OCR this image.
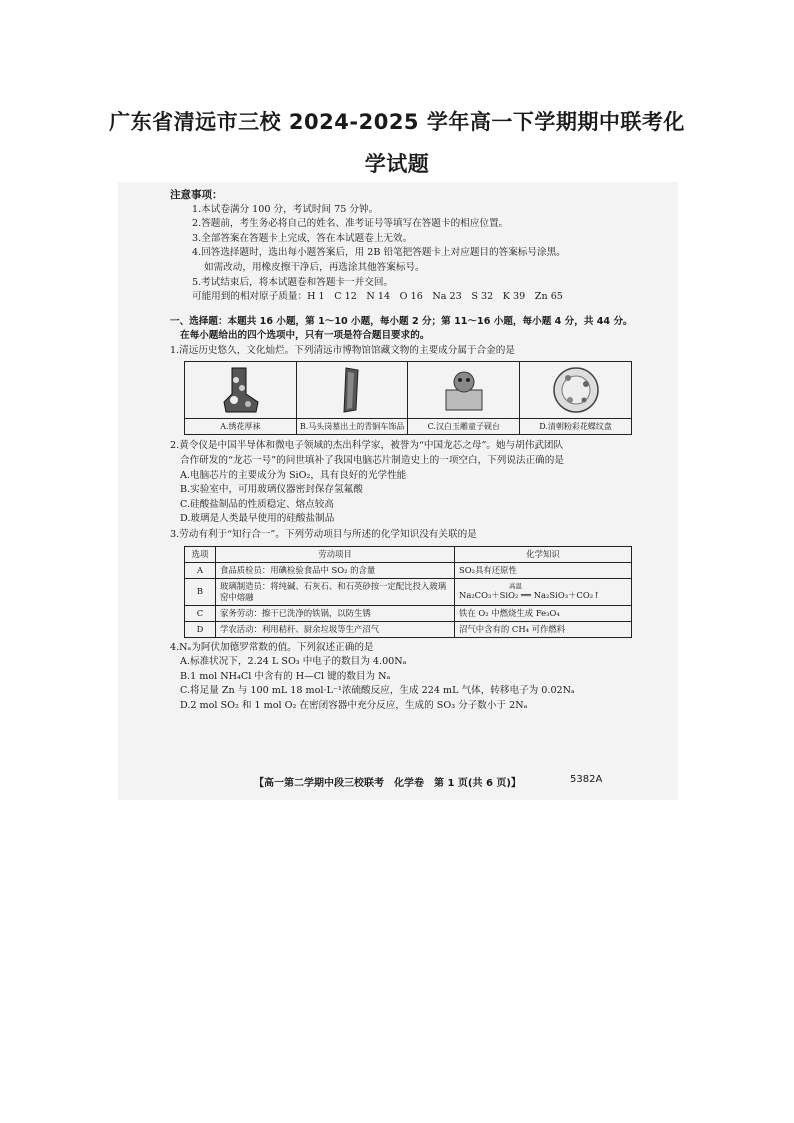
广东省清远市三校 2024-2025 学年高一下学期期中联考化
学试题
注意事项：
1.本试卷满分 100 分，考试时间 75 分钟。
2.答题前，考生务必将自己的姓名、准考证号等填写在答题卡的相应位置。
3.全部答案在答题卡上完成，答在本试题卷上无效。
4.回答选择题时，选出每小题答案后，用 2B 铅笔把答题卡上对应题目的答案标号涂黑。
如需改动，用橡皮擦干净后，再选涂其他答案标号。
5.考试结束后，将本试题卷和答题卡一并交回。
可能用到的相对原子质量：H 1　C 12　N 14　O 16　Na 23　S 32　K 39　Zn 65
一、选择题：本题共 16 小题，第 1～10 小题，每小题 2 分；第 11～16 小题，每小题 4 分，共 44 分。
在每小题给出的四个选项中，只有一项是符合题目要求的。
1.清远历史悠久，文化灿烂。下列清远市博物馆馆藏文物的主要成分属于合金的是
A.绣花厚袜	B.马头岗墓出土的青铜车饰品	C.汉白玉雕童子砚台	D.清朝粉彩花蝶纹盘
2.黄令仪是中国半导体和微电子领域的杰出科学家，被誉为“中国龙芯之母”。她与胡伟武团队
合作研发的“龙芯一号”的问世填补了我国电脑芯片制造史上的一项空白，下列说法正确的是
A.电脑芯片的主要成分为 SiO₂，具有良好的光学性能
B.实验室中，可用玻璃仪器密封保存氢氟酸
C.硅酸盐制品的性质稳定、熔点较高
D.玻璃是人类最早使用的硅酸盐制品
3.劳动有利于“知行合一”。下列劳动项目与所述的化学知识没有关联的是
选项	劳动项目	化学知识
A	食品质检员：用碘检验食品中 SO₂ 的含量	SO₂具有还原性
B	玻璃制造员：将纯碱、石灰石、和石英砂按一定配比投入玻璃窑中熔融	高温
Na₂CO₃＋SiO₂ ══ Na₂SiO₃＋CO₂↑

C	家务劳动：擦干已洗净的铁锅，以防生锈	铁在 O₂ 中燃烧生成 Fe₃O₄
D	学农活动：利用秸秆、厨余垃圾等生产沼气	沼气中含有的 CH₄ 可作燃料
4.Nₐ为阿伏加德罗常数的值。下列叙述正确的是
A.标准状况下，2.24 L SO₃ 中电子的数目为 4.00Nₐ
B.1 mol NH₄Cl 中含有的 H—Cl 键的数目为 Nₐ
C.将足量 Zn 与 100 mL 18 mol·L⁻¹浓硫酸反应，生成 224 mL 气体，转移电子为 0.02Nₐ
D.2 mol SO₂ 和 1 mol O₂ 在密闭容器中充分反应，生成的 SO₃ 分子数小于 2Nₐ
【高一第二学期中段三校联考　化学卷　第 1 页(共 6 页)】	5382A
